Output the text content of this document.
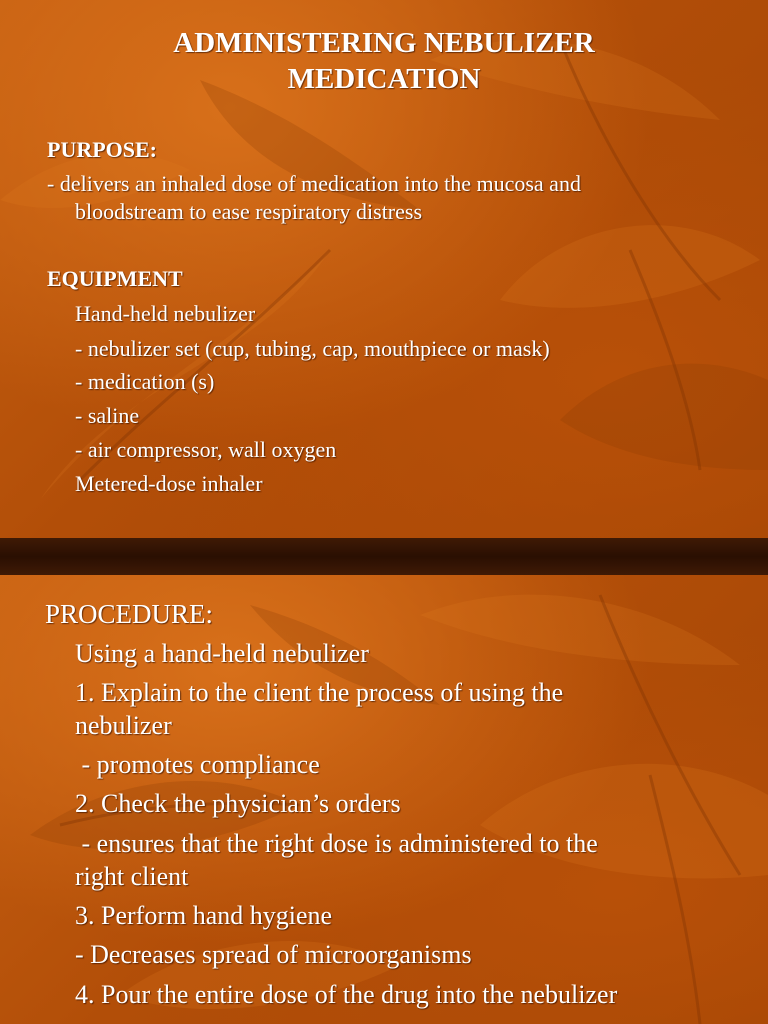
ADMINISTERING NEBULIZER
MEDICATION
PURPOSE:
- delivers an inhaled dose of medication into the mucosa and
bloodstream to ease respiratory distress
EQUIPMENT
Hand-held nebulizer
- nebulizer set (cup, tubing, cap, mouthpiece or mask)
- medication (s)
- saline
- air compressor, wall oxygen
Metered-dose inhaler
PROCEDURE:
Using a hand-held nebulizer
1. Explain to the client the process of using the
nebulizer
- promotes compliance
2. Check the physician’s orders
- ensures that the right dose is administered to the
right client
3. Perform hand hygiene
- Decreases spread of microorganisms
4. Pour the entire dose of the drug into the nebulizer
